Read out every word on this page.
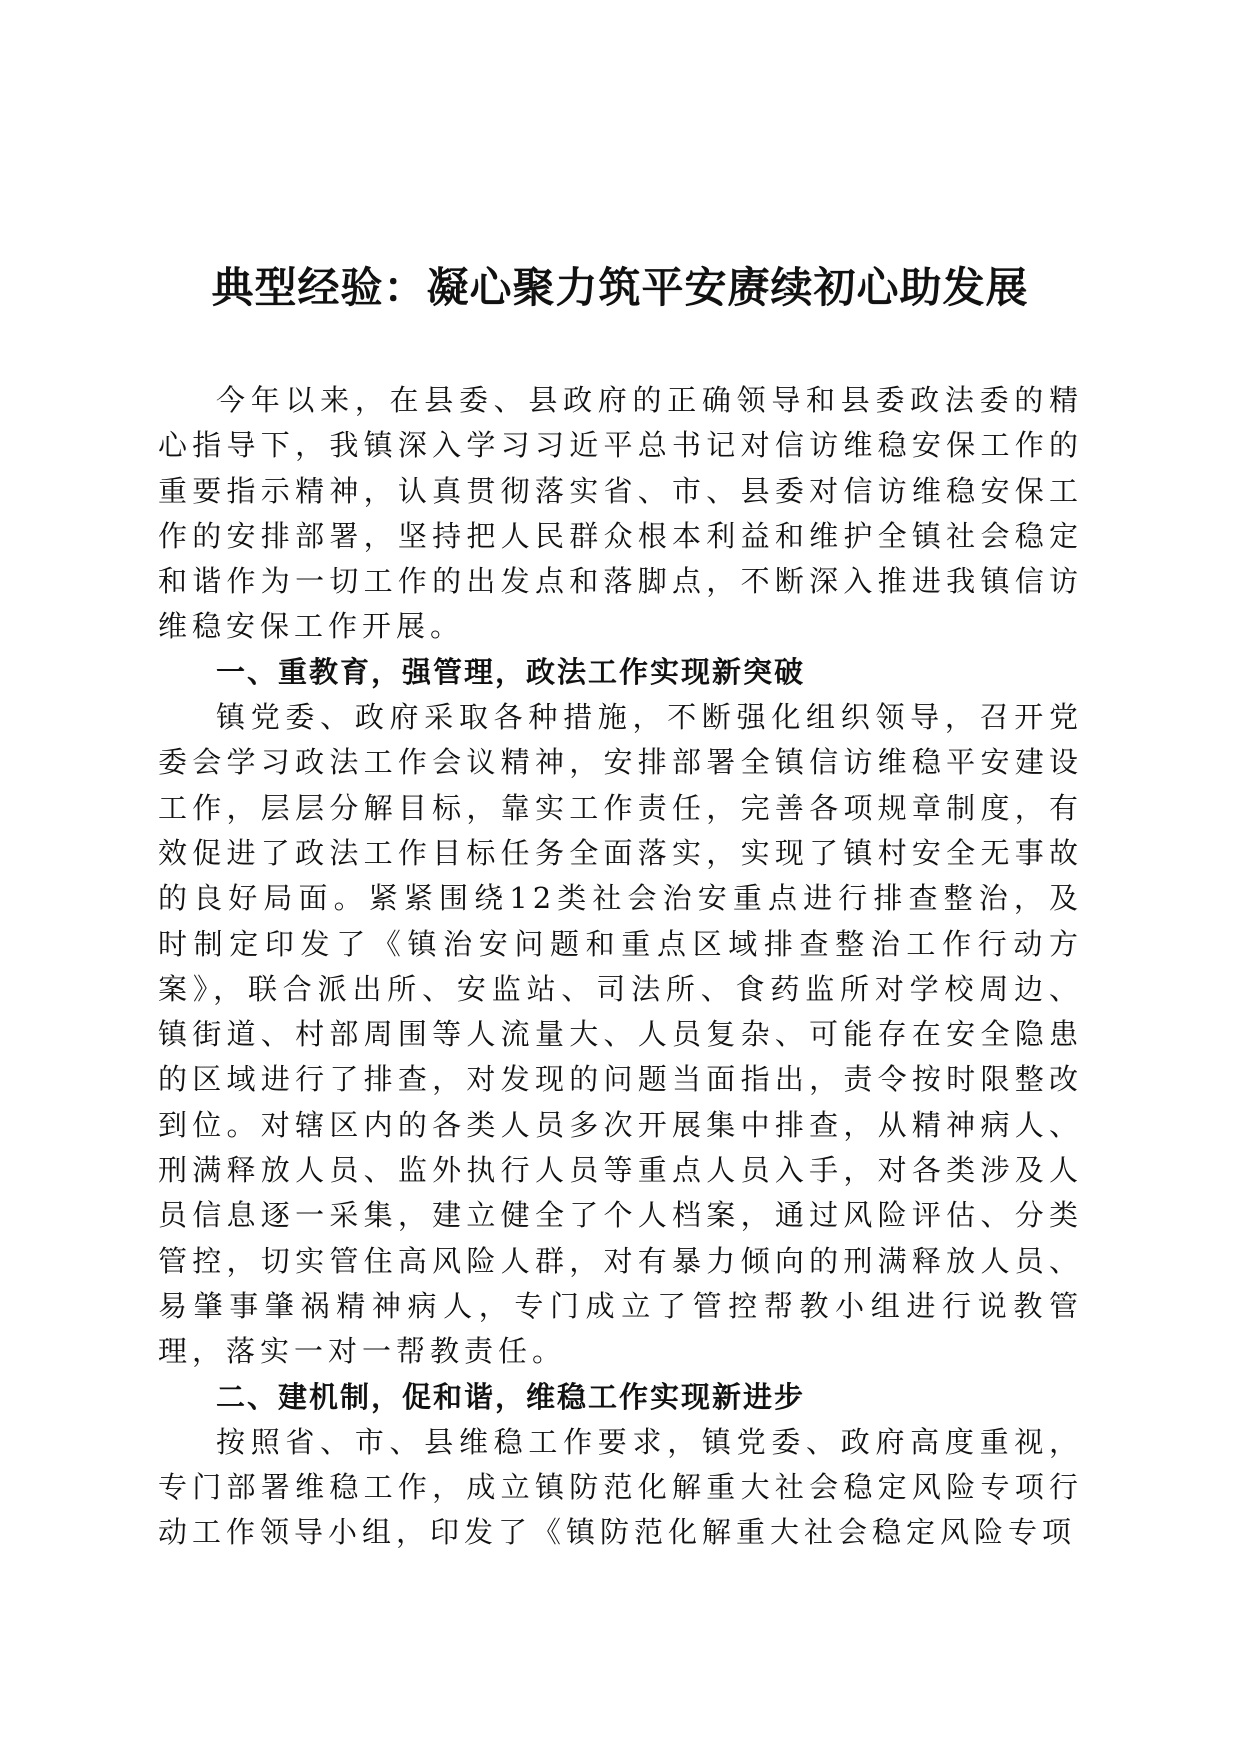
典型经验：凝心聚力筑平安赓续初心助发展

今年以来，在县委、县政府的正确领导和县委政法委的精心指导下，我镇深入学习习近平总书记对信访维稳安保工作的重要指示精神，认真贯彻落实省、市、县委对信访维稳安保工作的安排部署，坚持把人民群众根本利益和维护全镇社会稳定和谐作为一切工作的出发点和落脚点，不断深入推进我镇信访维稳安保工作开展。

一、重教育，强管理，政法工作实现新突破

镇党委、政府采取各种措施，不断强化组织领导，召开党委会学习政法工作会议精神，安排部署全镇信访维稳平安建设工作，层层分解目标，靠实工作责任，完善各项规章制度，有效促进了政法工作目标任务全面落实，实现了镇村安全无事故的良好局面。紧紧围绕12类社会治安重点进行排查整治，及时制定印发了《镇治安问题和重点区域排查整治工作行动方案》，联合派出所、安监站、司法所、食药监所对学校周边、镇街道、村部周围等人流量大、人员复杂、可能存在安全隐患的区域进行了排查，对发现的问题当面指出，责令按时限整改到位。对辖区内的各类人员多次开展集中排查，从精神病人、刑满释放人员、监外执行人员等重点人员入手，对各类涉及人员信息逐一采集，建立健全了个人档案，通过风险评估、分类管控，切实管住高风险人群，对有暴力倾向的刑满释放人员、易肇事肇祸精神病人，专门成立了管控帮教小组进行说教管理，落实一对一帮教责任。

二、建机制，促和谐，维稳工作实现新进步

按照省、市、县维稳工作要求，镇党委、政府高度重视，专门部署维稳工作，成立镇防范化解重大社会稳定风险专项行动工作领导小组，印发了《镇防范化解重大社会稳定风险专项
